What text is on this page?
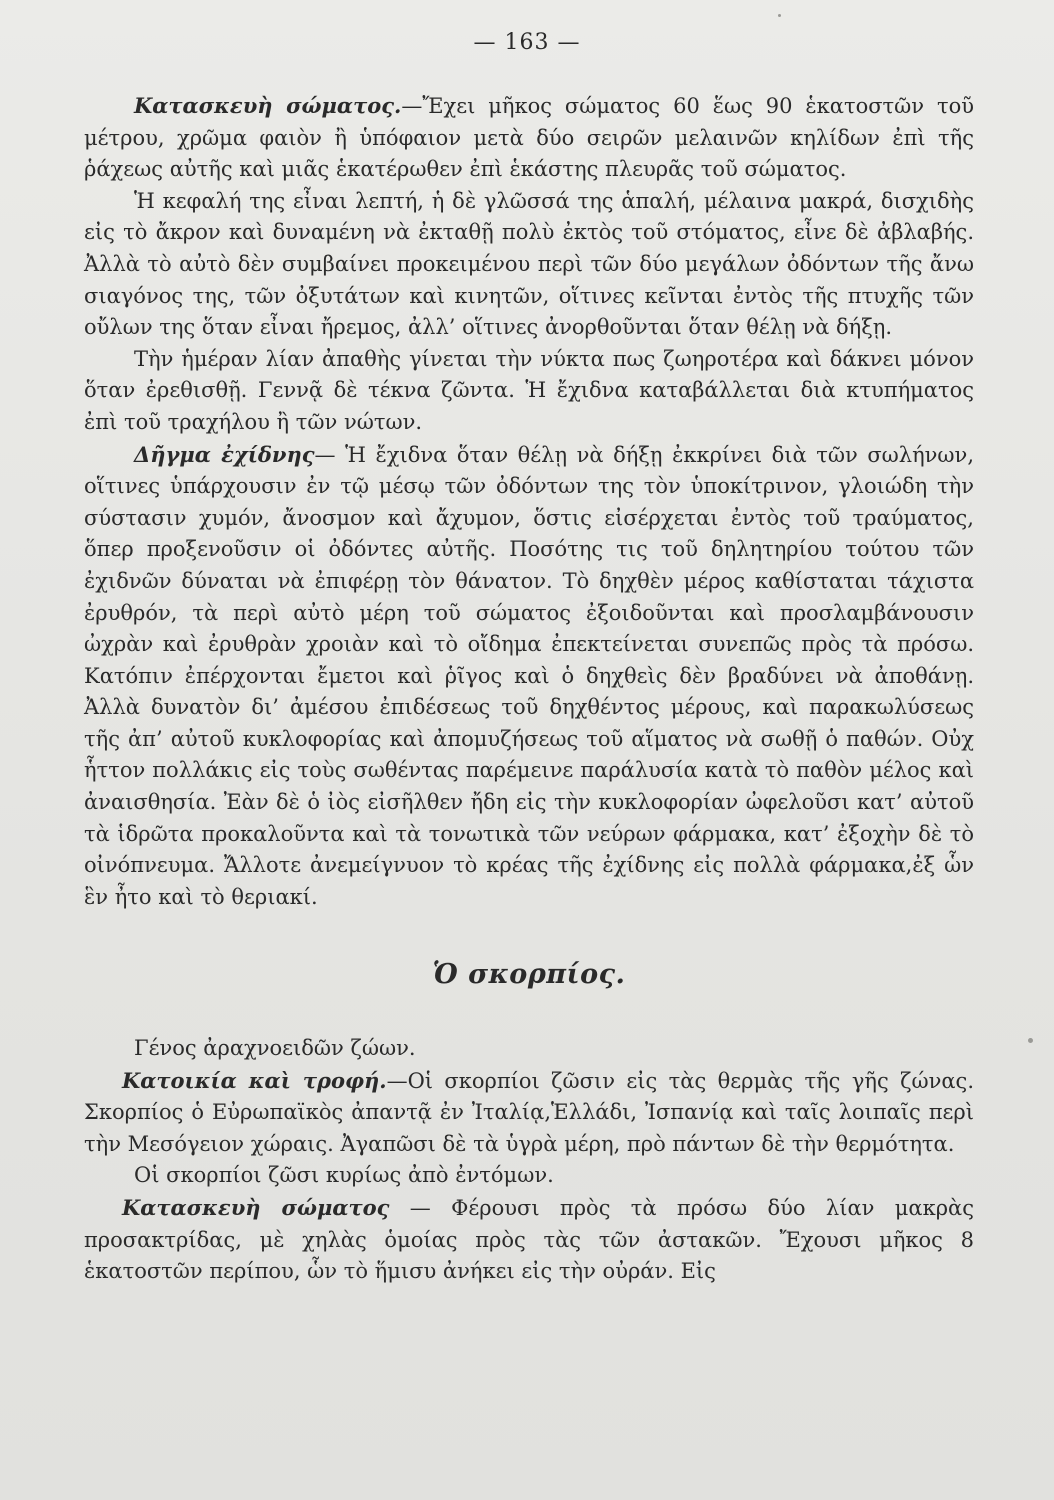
— 163 —

Κατασκευὴ σώματος.—Ἔχει μῆκος σώματος 60 ἕως 90 ἑκατοστῶν τοῦ μέτρου, χρῶμα φαιὸν ἢ ὑπόφαιον μετὰ δύο σειρῶν μελαινῶν κηλίδων ἐπὶ τῆς ῥάχεως αὐτῆς καὶ μιᾶς ἑκατέρωθεν ἐπὶ ἑκάστης πλευρᾶς τοῦ σώματος.

Ἡ κεφαλή της εἶναι λεπτή, ἡ δὲ γλῶσσά της ἁπαλή, μέλαινα μακρά, δισχιδὴς εἰς τὸ ἄκρον καὶ δυναμένη νὰ ἐκταθῇ πολὺ ἐκτὸς τοῦ στόματος, εἶνε δὲ ἀβλαβής. Ἀλλὰ τὸ αὐτὸ δὲν συμβαίνει προκειμένου περὶ τῶν δύο μεγάλων ὀδόντων τῆς ἄνω σιαγόνος της, τῶν ὀξυτάτων καὶ κινητῶν, οἵτινες κεῖνται ἐντὸς τῆς πτυχῆς τῶν οὔλων της ὅταν εἶναι ἤρεμος, ἀλλ’ οἵτινες ἀνορθοῦνται ὅταν θέλῃ νὰ δήξῃ.

Τὴν ἡμέραν λίαν ἀπαθὴς γίνεται τὴν νύκτα πως ζωηροτέρα καὶ δάκνει μόνον ὅταν ἐρεθισθῇ. Γεννᾷ δὲ τέκνα ζῶντα. Ἡ ἔχιδνα καταβάλλεται διὰ κτυπήματος ἐπὶ τοῦ τραχήλου ἢ τῶν νώτων.

Δῆγμα ἐχίδνης— Ἡ ἔχιδνα ὅταν θέλῃ νὰ δήξῃ ἐκκρίνει διὰ τῶν σωλήνων, οἵτινες ὑπάρχουσιν ἐν τῷ μέσῳ τῶν ὀδόντων της τὸν ὑποκίτρινον, γλοιώδη τὴν σύστασιν χυμόν, ἄνοσμον καὶ ἄχυμον, ὅστις εἰσέρχεται ἐντὸς τοῦ τραύματος, ὅπερ προξενοῦσιν οἱ ὀδόντες αὐτῆς. Ποσότης τις τοῦ δηλητηρίου τούτου τῶν ἐχιδνῶν δύναται νὰ ἐπιφέρῃ τὸν θάνατον. Τὸ δηχθὲν μέρος καθίσταται τάχιστα ἐρυθρόν, τὰ περὶ αὐτὸ μέρη τοῦ σώματος ἐξοιδοῦνται καὶ προσλαμβάνουσιν ὠχρὰν καὶ ἐρυθρὰν χροιὰν καὶ τὸ οἴδημα ἐπεκτείνεται συνεπῶς πρὸς τὰ πρόσω. Κατόπιν ἐπέρχονται ἔμετοι καὶ ῥῖγος καὶ ὁ δηχθεὶς δὲν βραδύνει νὰ ἀποθάνῃ. Ἀλλὰ δυνατὸν δι’ ἀμέσου ἐπιδέσεως τοῦ δηχθέντος μέρους, καὶ παρακωλύσεως τῆς ἀπ’ αὐτοῦ κυκλοφορίας καὶ ἀπομυζήσεως τοῦ αἵματος νὰ σωθῇ ὁ παθών. Οὐχ ἧττον πολλάκις εἰς τοὺς σωθέντας παρέμεινε παράλυσία κατὰ τὸ παθὸν μέλος καὶ ἀναισθησία. Ἐὰν δὲ ὁ ἰὸς εἰσῆλθεν ἤδη εἰς τὴν κυκλοφορίαν ὠφελοῦσι κατ’ αὐτοῦ τὰ ἱδρῶτα προκαλοῦντα καὶ τὰ τονωτικὰ τῶν νεύρων φάρμακα, κατ’ ἐξοχὴν δὲ τὸ οἰνόπνευμα. Ἄλλοτε ἀνεμείγνυον τὸ κρέας τῆς ἐχίδνης εἰς πολλὰ φάρμακα,ἐξ ὧν ἓν ἦτο καὶ τὸ θεριακί.

Ὁ σκορπίος.

Γένος ἀραχνοειδῶν ζώων.

Κατοικία καὶ τροφή.—Οἱ σκορπίοι ζῶσιν εἰς τὰς θερμὰς τῆς γῆς ζώνας. Σκορπίος ὁ Εὐρωπαϊκὸς ἀπαντᾷ ἐν Ἰταλίᾳ,Ἑλλάδι, Ἰσπανίᾳ καὶ ταῖς λοιπαῖς περὶ τὴν Μεσόγειον χώραις. Ἀγαπῶσι δὲ τὰ ὑγρὰ μέρη, πρὸ πάντων δὲ τὴν θερμότητα.

Οἱ σκορπίοι ζῶσι κυρίως ἀπὸ ἐντόμων.

Κατασκευὴ σώματος — Φέρουσι πρὸς τὰ πρόσω δύο λίαν μακρὰς προσακτρίδας, μὲ χηλὰς ὁμοίας πρὸς τὰς τῶν ἀστακῶν. Ἔχουσι μῆκος 8 ἑκατοστῶν περίπου, ὧν τὸ ἥμισυ ἀνήκει εἰς τὴν οὐράν. Εἰς
